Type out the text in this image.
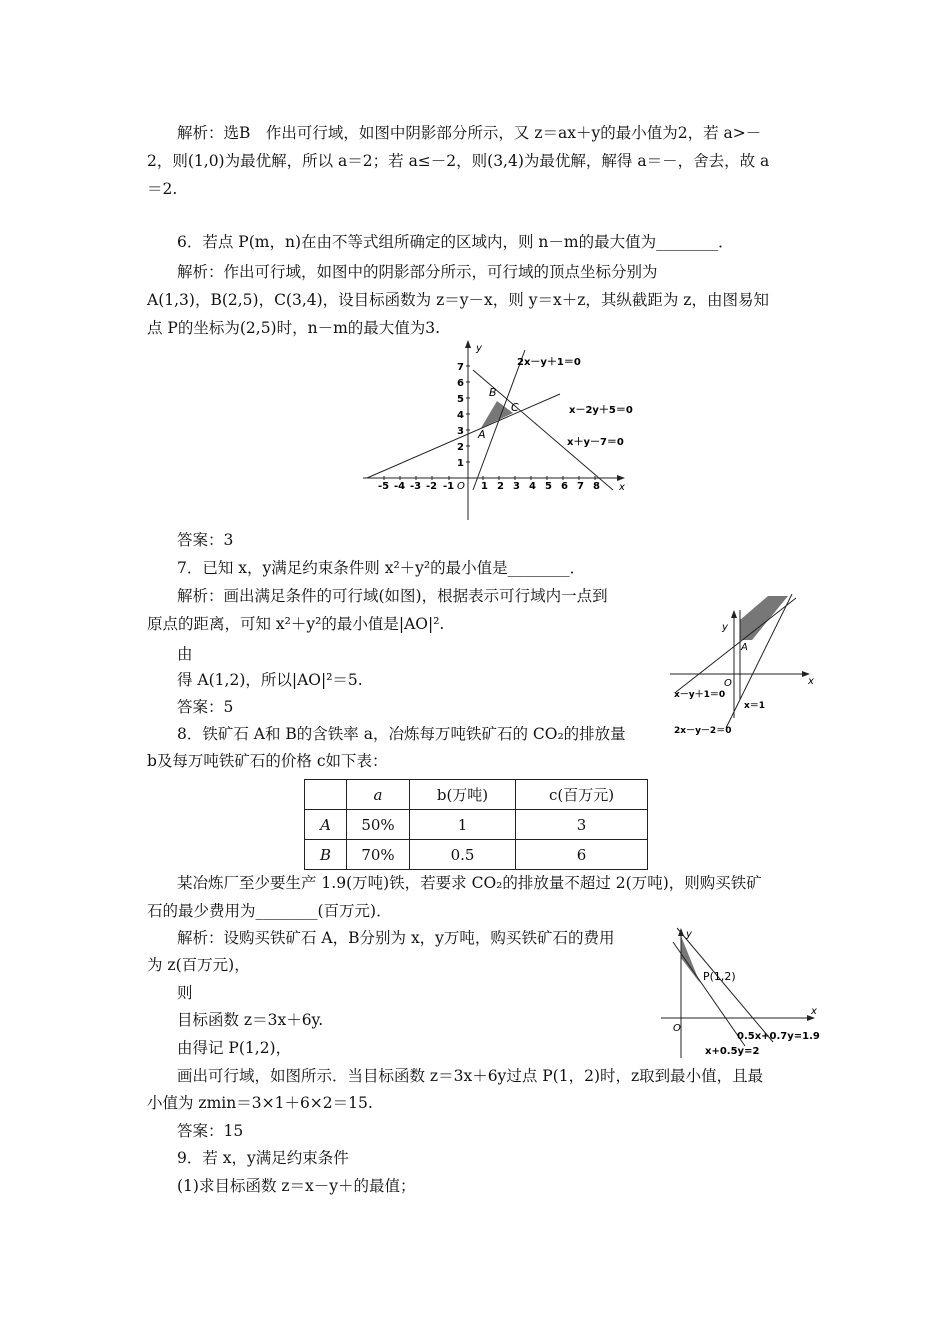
解析：选B　作出可行域，如图中阴影部分所示，又 z＝ax＋y的最小值为2，若 a>－
2，则(1,0)为最优解，所以 a＝2；若 a≤－2，则(3,4)为最优解，解得 a＝－，舍去，故 a
＝2.
6．若点 P(m，n)在由不等式组所确定的区域内，则 n－m的最大值为________．
解析：作出可行域，如图中的阴影部分所示，可行域的顶点坐标分别为
A(1,3)，B(2,5)，C(3,4)，设目标函数为 z＝y－x，则 y＝x＋z，其纵截距为 z，由图易知
点 P的坐标为(2,5)时，n－m的最大值为3.
y
x
O
-5 -4 -3 -2 -1	1 2 3 4 5 6 7 8
1
2
3
4
5
6
7	2x－y＋1＝0
x－2y＋5＝0
x＋y－7＝0
A
B
C
答案：3
7．已知 x，y满足约束条件则 x²＋y²的最小值是________．
解析：画出满足条件的可行域(如图)，根据表示可行域内一点到
原点的距离，可知 x²＋y²的最小值是|AO|².
由
得 A(1,2)，所以|AO|²＝5.
答案：5
y
x
O
A
x－y＋1＝0
x＝1
2x－y－2＝0
8．铁矿石 A和 B的含铁率 a，冶炼每万吨铁矿石的 CO₂的排放量
b及每万吨铁矿石的价格 c如下表：
	a	b(万吨)	c(百万元)
A	50%	1	3
B	70%	0.5	6
某冶炼厂至少要生产 1.9(万吨)铁，若要求 CO₂的排放量不超过 2(万吨)，则购买铁矿
石的最少费用为________(百万元)．
解析：设购买铁矿石 A，B分别为 x，y万吨，购买铁矿石的费用
为 z(百万元)，
则
目标函数 z＝3x＋6y.
由得记 P(1,2)，
y
x
O
P(1,2)
0.5x+0.7y=1.9
x+0.5y=2
画出可行域，如图所示．当目标函数 z＝3x＋6y过点 P(1，2)时，z取到最小值，且最
小值为 zmin＝3×1＋6×2＝15.
答案：15
9．若 x，y满足约束条件
(1)求目标函数 z＝x－y＋的最值；
